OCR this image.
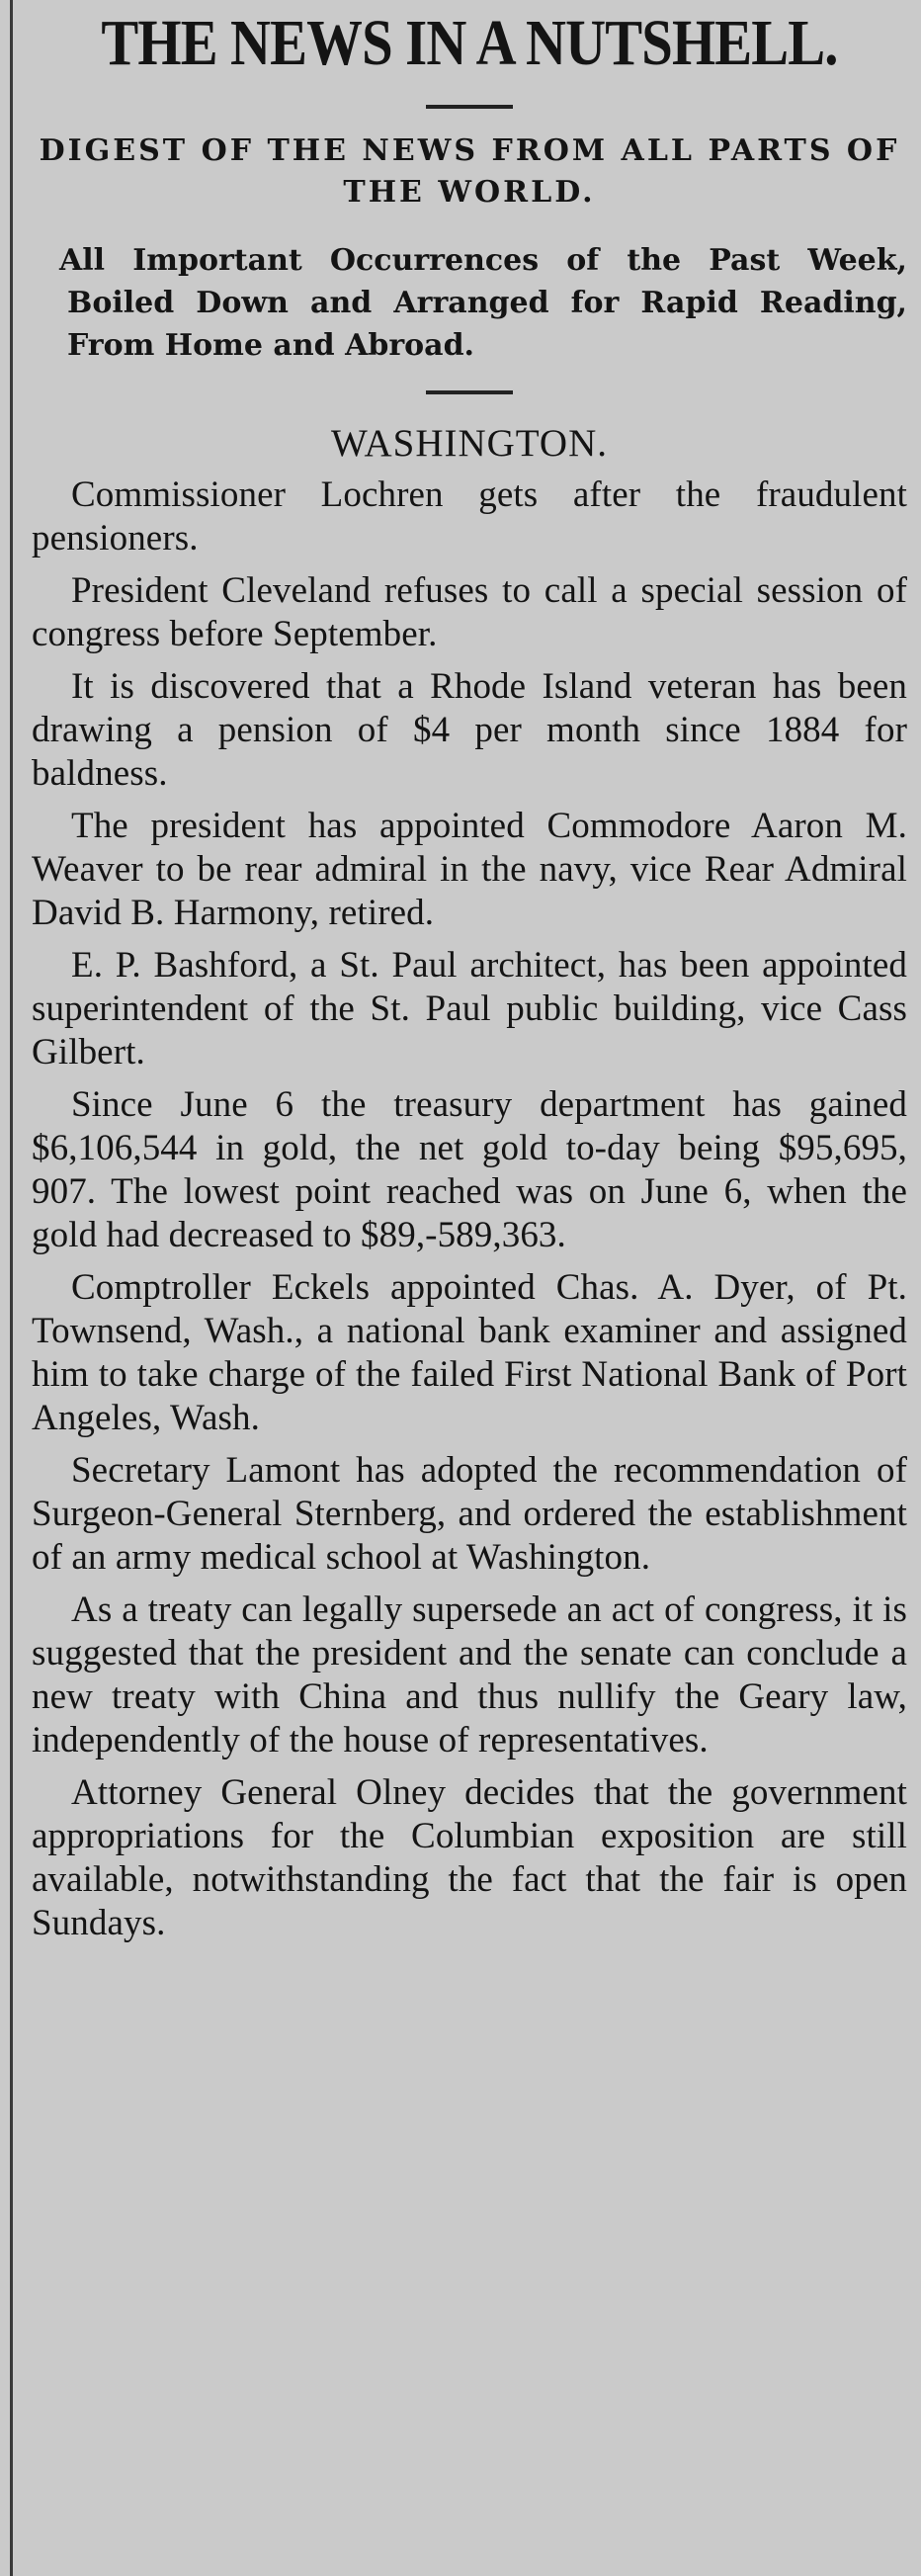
THE NEWS IN A NUTSHELL.

DIGEST OF THE NEWS FROM ALL PARTS OF THE WORLD.

All Important Occurrences of the Past Week, Boiled Down and Arranged for Rapid Reading, From Home and Abroad.

WASHINGTON.

Commissioner Lochren gets after the fraudulent pensioners.

President Cleveland refuses to call a special session of congress before September.

It is discovered that a Rhode Island veteran has been drawing a pension of $4 per month since 1884 for baldness.

The president has appointed Commodore Aaron M. Weaver to be rear admiral in the navy, vice Rear Admiral David B. Harmony, retired.

E. P. Bashford, a St. Paul architect, has been appointed superintendent of the St. Paul public building, vice Cass Gilbert.

Since June 6 the treasury department has gained $6,106,544 in gold, the net gold to-day being $95,695, 907. The lowest point reached was on June 6, when the gold had decreased to $89,-589,363.

Comptroller Eckels appointed Chas. A. Dyer, of Pt. Townsend, Wash., a national bank examiner and assigned him to take charge of the failed First National Bank of Port Angeles, Wash.

Secretary Lamont has adopted the recommendation of Surgeon-General Sternberg, and ordered the establishment of an army medical school at Washington.

As a treaty can legally supersede an act of congress, it is suggested that the president and the senate can conclude a new treaty with China and thus nullify the Geary law, independently of the house of representatives.

Attorney General Olney decides that the government appropriations for the Columbian exposition are still available, notwithstanding the fact that the fair is open Sundays.
